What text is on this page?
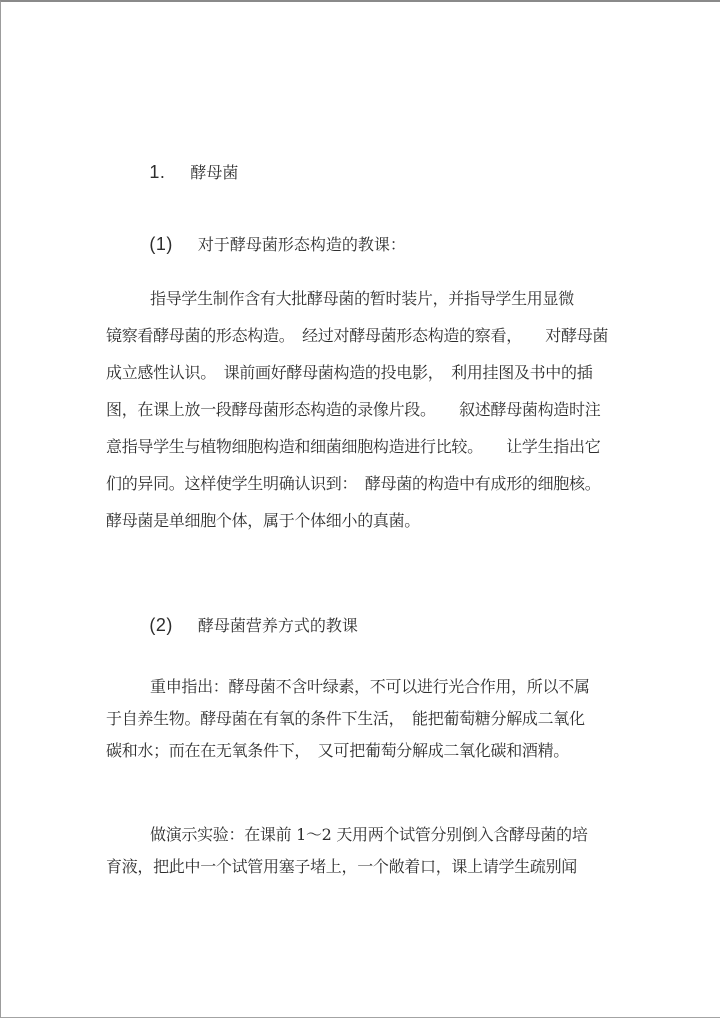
1. 酵母菌

(1) 对于酵母菌形态构造的教课：

指导学生制作含有大批酵母菌的暂时装片，并指导学生用显微
镜察看酵母菌的形态构造。　经过对酵母菌形态构造的察看，　　对酵母菌
成立感性认识。　课前画好酵母菌构造的投电影，　利用挂图及书中的插
图，在课上放一段酵母菌形态构造的录像片段。　　叙述酵母菌构造时注
意指导学生与植物细胞构造和细菌细胞构造进行比较。　　让学生指出它
们的异同。这样使学生明确认识到：　酵母菌的构造中有成形的细胞核。
酵母菌是单细胞个体，属于个体细小的真菌。

(2) 酵母菌营养方式的教课

重申指出：酵母菌不含叶绿素，不可以进行光合作用，所以不属
于自养生物。酵母菌在有氧的条件下生活，　能把葡萄糖分解成二氧化
碳和水；而在在无氧条件下，　又可把葡萄分解成二氧化碳和酒精。
做演示实验：在课前 1～2 天用两个试管分别倒入含酵母菌的培
育液，把此中一个试管用塞子堵上，一个敞着口，课上请学生疏别闻
